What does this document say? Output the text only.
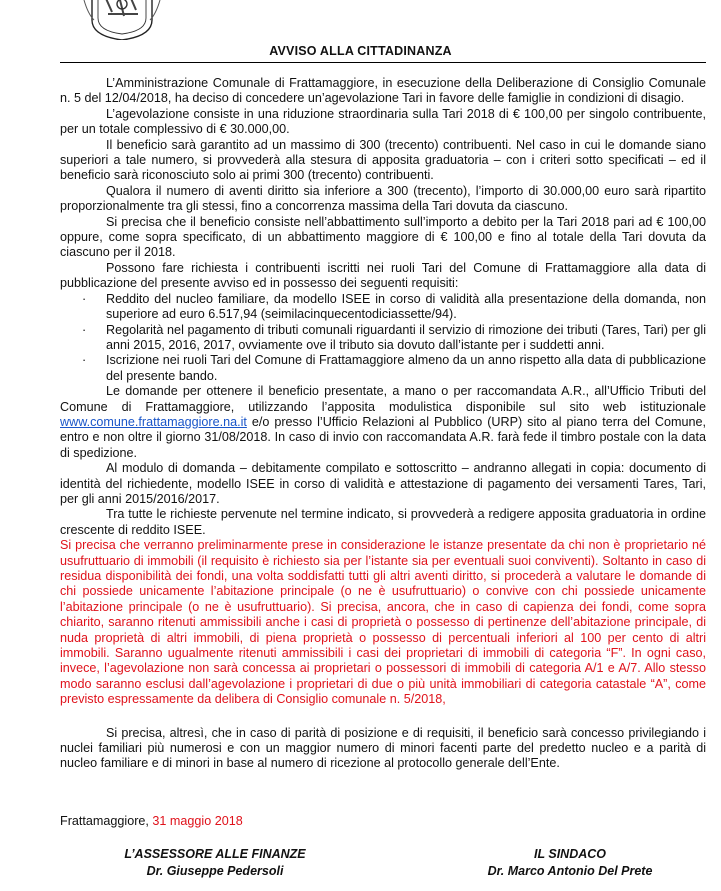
AVVISO ALLA CITTADINANZA

L’Amministrazione Comunale di Frattamaggiore, in esecuzione della Deliberazione di Consiglio Comunale n. 5 del 12/04/2018, ha deciso di concedere un’agevolazione Tari in favore delle famiglie in condizioni di disagio.

L’agevolazione consiste in una riduzione straordinaria sulla Tari 2018 di € 100,00 per singolo contribuente, per un totale complessivo di € 30.000,00.

Il beneficio sarà garantito ad un massimo di 300 (trecento) contribuenti. Nel caso in cui le domande siano superiori a tale numero, si provvederà alla stesura di apposita graduatoria – con i criteri sotto specificati – ed il beneficio sarà riconosciuto solo ai primi 300 (trecento) contribuenti.

Qualora il numero di aventi diritto sia inferiore a 300 (trecento), l’importo di 30.000,00 euro sarà ripartito proporzionalmente tra gli stessi, fino a concorrenza massima della Tari dovuta da ciascuno.

Si precisa che il beneficio consiste nell’abbattimento sull’importo a debito per la Tari 2018 pari ad € 100,00 oppure, come sopra specificato, di un abbattimento maggiore di € 100,00 e fino al totale della Tari dovuta da ciascuno per il 2018.

Possono fare richiesta i contribuenti iscritti nei ruoli Tari del Comune di Frattamaggiore alla data di pubblicazione del presente avviso ed in possesso dei seguenti requisiti:

· Reddito del nucleo familiare, da modello ISEE in corso di validità alla presentazione della domanda, non superiore ad euro 6.517,94 (seimilacinquecentodiciassette/94).
· Regolarità nel pagamento di tributi comunali riguardanti il servizio di rimozione dei tributi (Tares, Tari) per gli anni 2015, 2016, 2017, ovviamente ove il tributo sia dovuto dall’istante per i suddetti anni.
· Iscrizione nei ruoli Tari del Comune di Frattamaggiore almeno da un anno rispetto alla data di pubblicazione del presente bando.

Le domande per ottenere il beneficio presentate, a mano o per raccomandata A.R., all’Ufficio Tributi del Comune di Frattamaggiore, utilizzando l’apposita modulistica disponibile sul sito web istituzionale www.comune.frattamaggiore.na.it e/o presso l’Ufficio Relazioni al Pubblico (URP) sito al piano terra del Comune, entro e non oltre il giorno 31/08/2018. In caso di invio con raccomandata A.R. farà fede il timbro postale con la data di spedizione.

Al modulo di domanda – debitamente compilato e sottoscritto – andranno allegati in copia: documento di identità del richiedente, modello ISEE in corso di validità e attestazione di pagamento dei versamenti Tares, Tari, per gli anni 2015/2016/2017.

Tra tutte le richieste pervenute nel termine indicato, si provvederà a redigere apposita graduatoria in ordine crescente di reddito ISEE.

Si precisa che verranno preliminarmente prese in considerazione le istanze presentate da chi non è proprietario né usufruttuario di immobili (il requisito è richiesto sia per l’istante sia per eventuali suoi conviventi). Soltanto in caso di residua disponibilità dei fondi, una volta soddisfatti tutti gli altri aventi diritto, si procederà a valutare le domande di chi possiede unicamente l’abitazione principale (o ne è usufruttuario) o convive con chi possiede unicamente l’abitazione principale (o ne è usufruttuario). Si precisa, ancora, che in caso di capienza dei fondi, come sopra chiarito, saranno ritenuti ammissibili anche i casi di proprietà o possesso di pertinenze dell’abitazione principale, di nuda proprietà di altri immobili, di piena proprietà o possesso di percentuali inferiori al 100 per cento di altri immobili. Saranno ugualmente ritenuti ammissibili i casi dei proprietari di immobili di categoria “F”. In ogni caso, invece, l’agevolazione non sarà concessa ai proprietari o possessori di immobili di categoria A/1 e A/7. Allo stesso modo saranno esclusi dall’agevolazione i proprietari di due o più unità immobiliari di categoria catastale “A”, come previsto espressamente da delibera di Consiglio comunale n. 5/2018,

Si precisa, altresì, che in caso di parità di posizione e di requisiti, il beneficio sarà concesso privilegiando i nuclei familiari più numerosi e con un maggior numero di minori facenti parte del predetto nucleo e a parità di nucleo familiare e di minori in base al numero di ricezione al protocollo generale dell’Ente.

Frattamaggiore, 31 maggio 2018
L’ASSESSORE ALLE FINANZE
Dr. Giuseppe Pedersoli
IL SINDACO
Dr. Marco Antonio Del Prete
